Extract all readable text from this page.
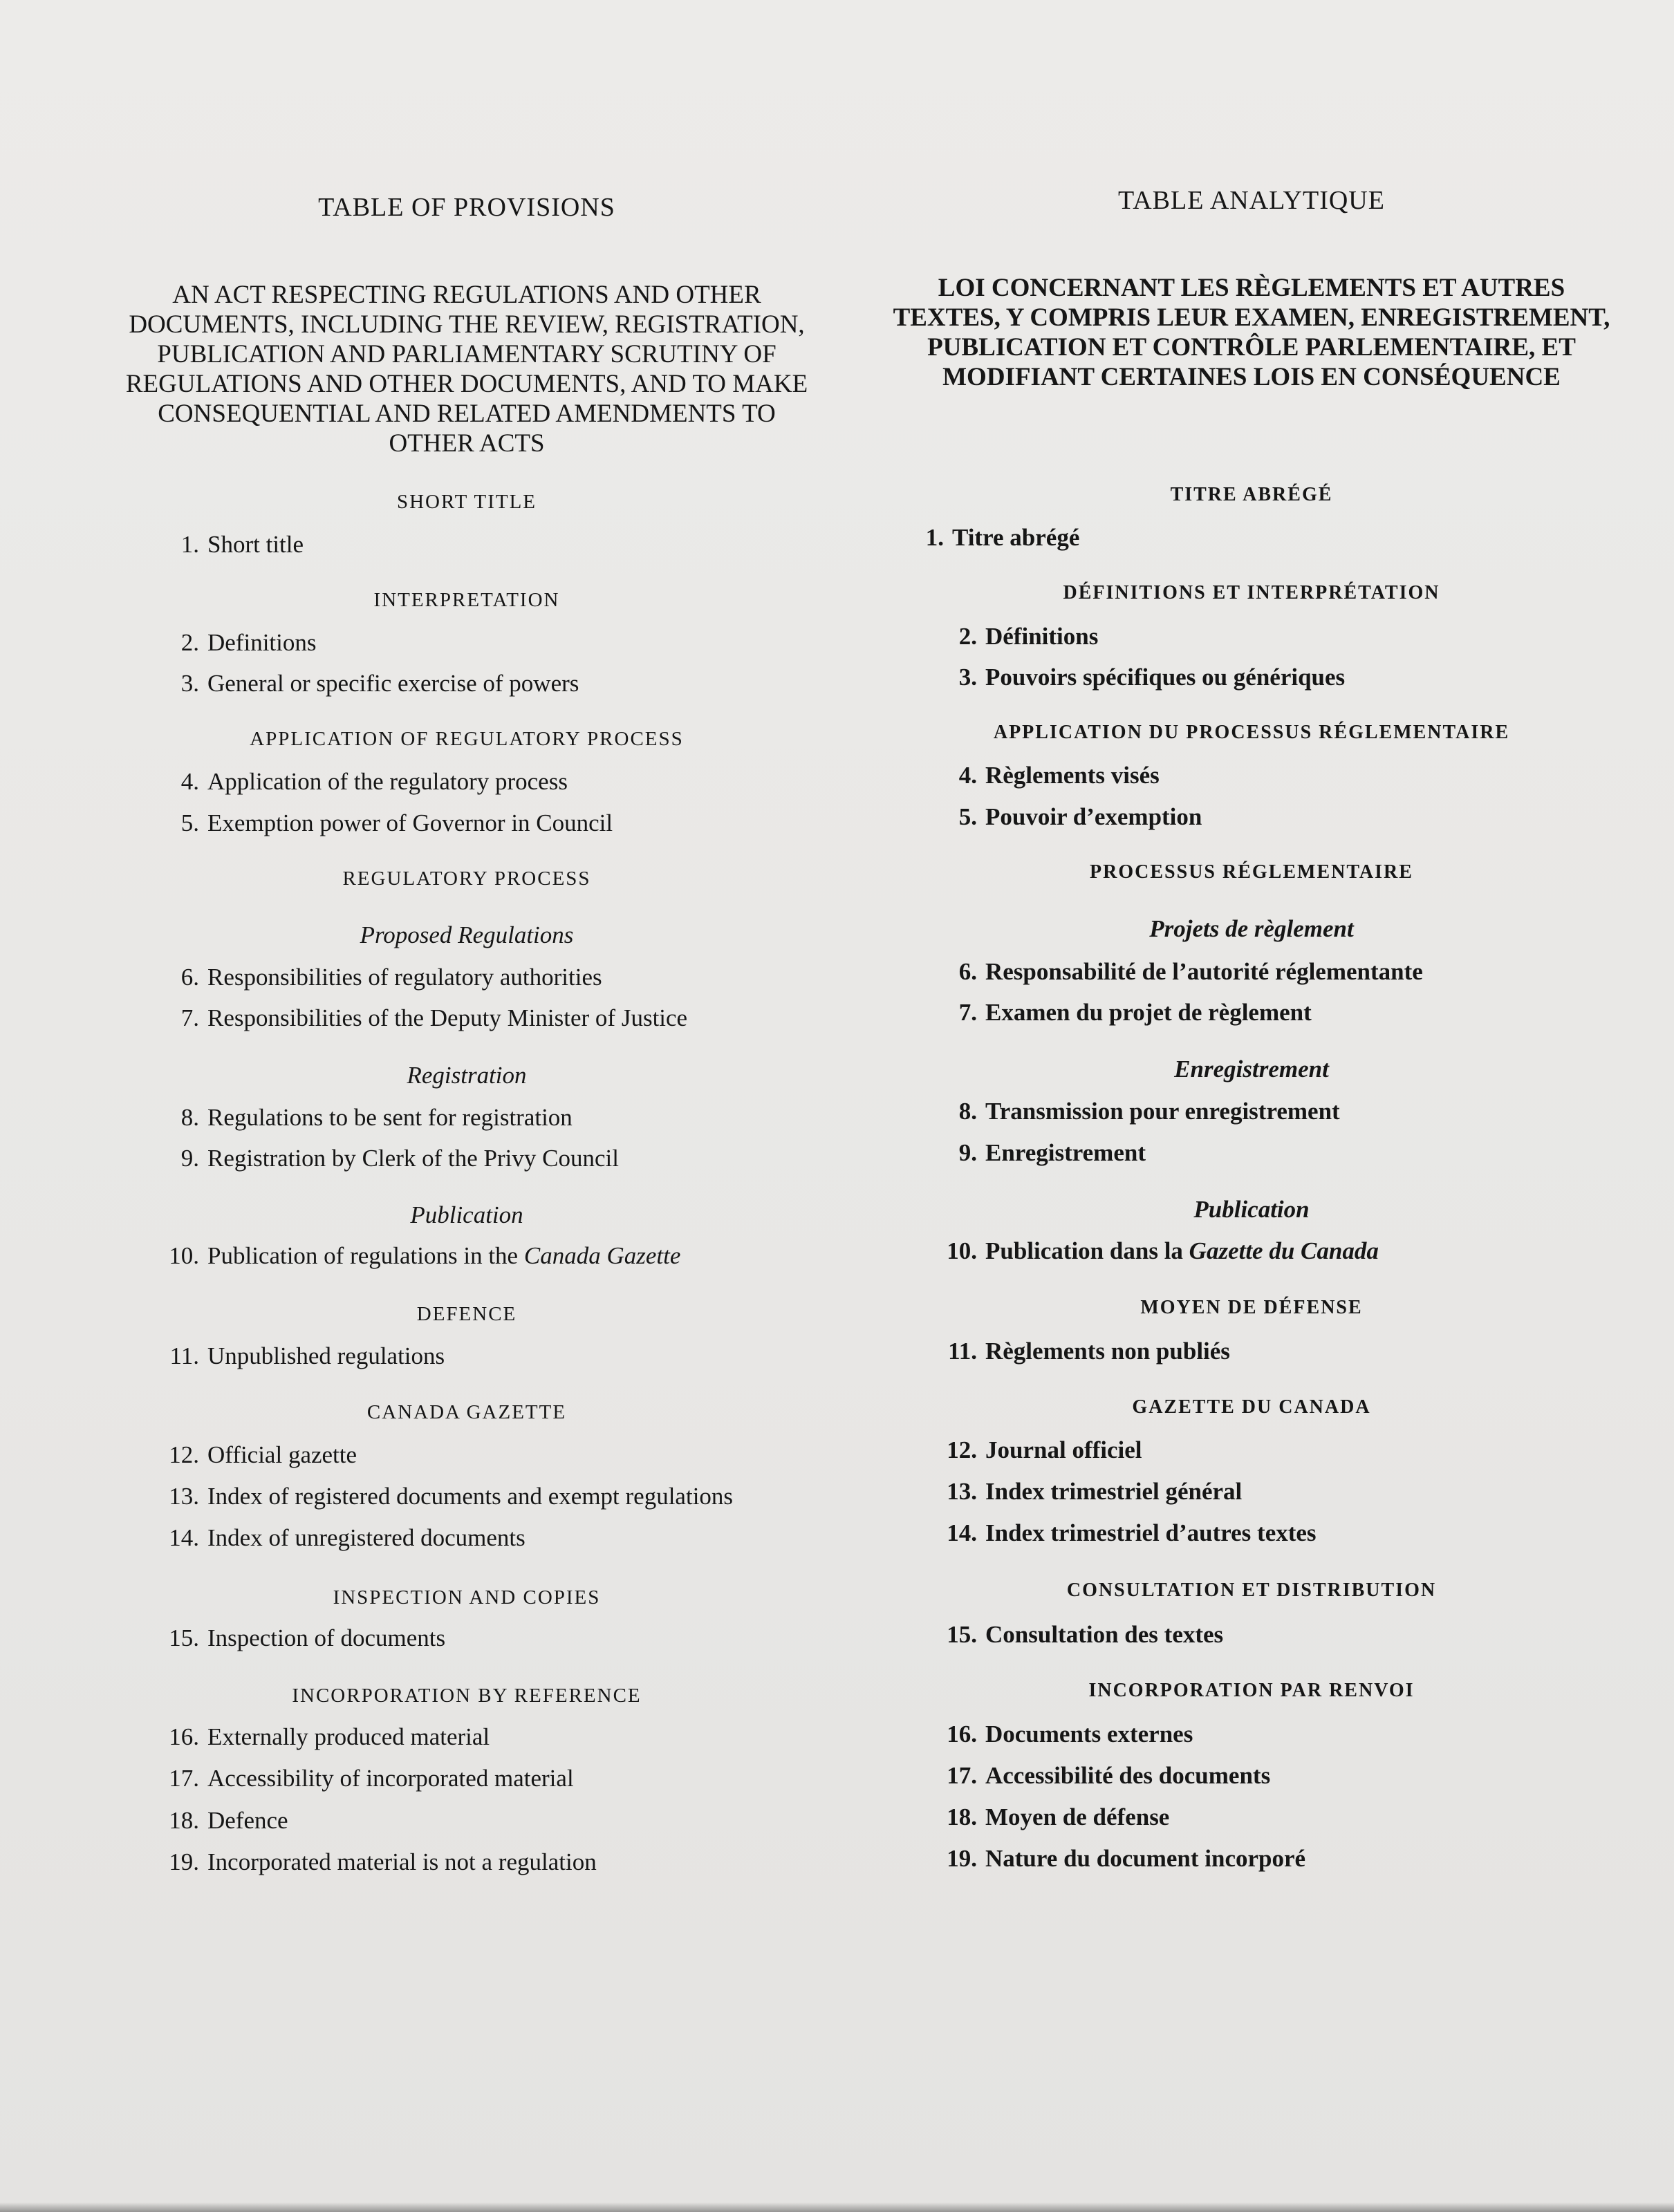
TABLE OF PROVISIONS
AN ACT RESPECTING REGULATIONS AND OTHER
DOCUMENTS, INCLUDING THE REVIEW, REGISTRATION,
PUBLICATION AND PARLIAMENTARY SCRUTINY OF
REGULATIONS AND OTHER DOCUMENTS, AND TO MAKE
CONSEQUENTIAL AND RELATED AMENDMENTS TO
OTHER ACTS
SHORT TITLE
1. Short title
INTERPRETATION
2. Definitions
3. General or specific exercise of powers
APPLICATION OF REGULATORY PROCESS
4. Application of the regulatory process
5. Exemption power of Governor in Council
REGULATORY PROCESS
Proposed Regulations
6. Responsibilities of regulatory authorities
7. Responsibilities of the Deputy Minister of Justice
Registration
8. Regulations to be sent for registration
9. Registration by Clerk of the Privy Council
Publication
10. Publication of regulations in the Canada Gazette
DEFENCE
11. Unpublished regulations
CANADA GAZETTE
12. Official gazette
13. Index of registered documents and exempt regulations
14. Index of unregistered documents
INSPECTION AND COPIES
15. Inspection of documents
INCORPORATION BY REFERENCE
16. Externally produced material
17. Accessibility of incorporated material
18. Defence
19. Incorporated material is not a regulation
TABLE ANALYTIQUE
LOI CONCERNANT LES RÈGLEMENTS ET AUTRES
TEXTES, Y COMPRIS LEUR EXAMEN, ENREGISTREMENT,
PUBLICATION ET CONTRÔLE PARLEMENTAIRE, ET
MODIFIANT CERTAINES LOIS EN CONSÉQUENCE
TITRE ABRÉGÉ
1. Titre abrégé
DÉFINITIONS ET INTERPRÉTATION
2. Définitions
3. Pouvoirs spécifiques ou génériques
APPLICATION DU PROCESSUS RÉGLEMENTAIRE
4. Règlements visés
5. Pouvoir d’exemption
PROCESSUS RÉGLEMENTAIRE
Projets de règlement
6. Responsabilité de l’autorité réglementante
7. Examen du projet de règlement
Enregistrement
8. Transmission pour enregistrement
9. Enregistrement
Publication
10. Publication dans la Gazette du Canada
MOYEN DE DÉFENSE
11. Règlements non publiés
GAZETTE DU CANADA
12. Journal officiel
13. Index trimestriel général
14. Index trimestriel d’autres textes
CONSULTATION ET DISTRIBUTION
15. Consultation des textes
INCORPORATION PAR RENVOI
16. Documents externes
17. Accessibilité des documents
18. Moyen de défense
19. Nature du document incorporé
